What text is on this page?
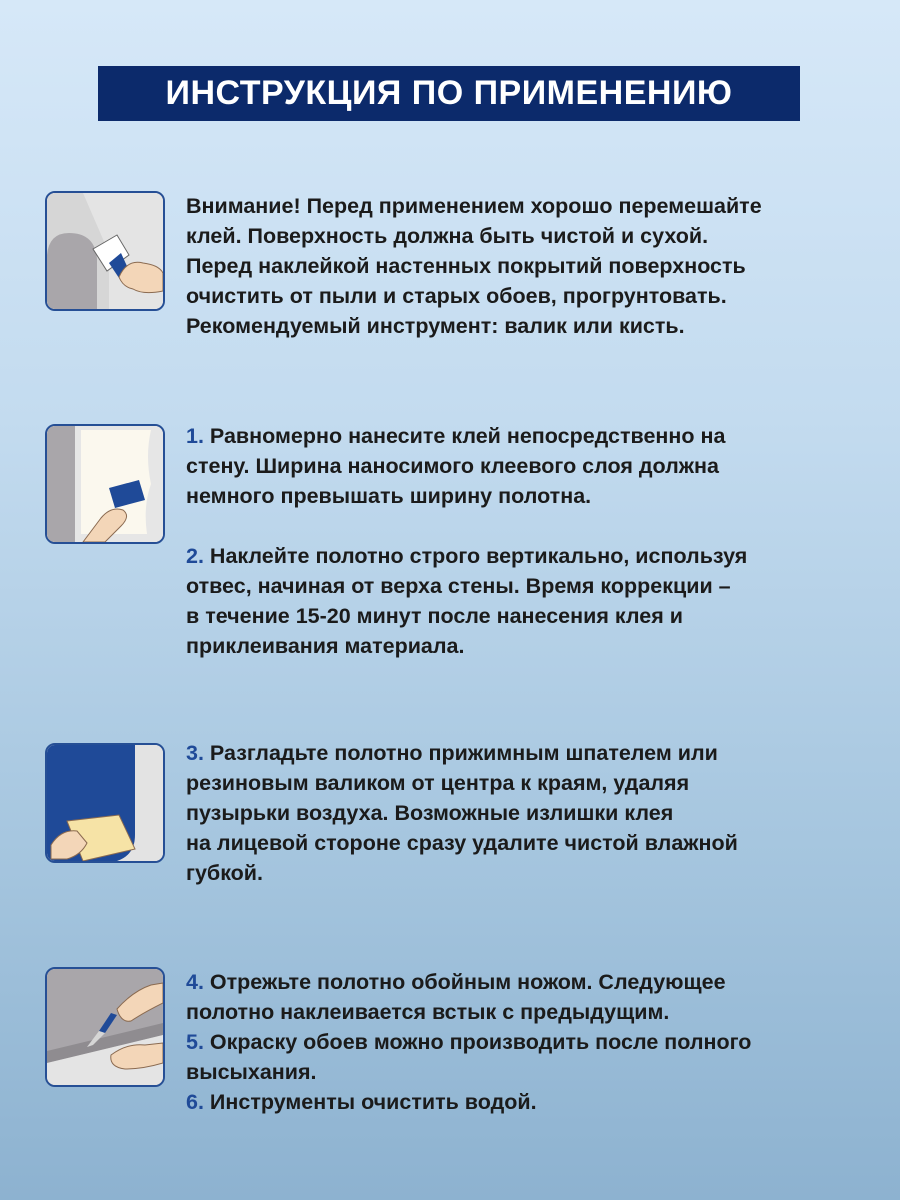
ИНСТРУКЦИЯ ПО ПРИМЕНЕНИЮ

Внимание! Перед применением хорошо перемешайте
клей. Поверхность должна быть чистой и сухой.
Перед наклейкой настенных покрытий поверхность
очистить от пыли и старых обоев, прогрунтовать.
Рекомендуемый инструмент: валик или кисть.

1. Равномерно нанесите клей непосредственно на
стену. Ширина наносимого клеевого слоя должна
немного превышать ширину полотна.

2. Наклейте полотно строго вертикально, используя
отвес, начиная от верха стены. Время коррекции –
в течение 15-20 минут после нанесения клея и
приклеивания материала.

3. Разгладьте полотно прижимным шпателем или
резиновым валиком от центра к краям, удаляя
пузырьки воздуха. Возможные излишки клея
на лицевой стороне сразу удалите чистой влажной
губкой.

4. Отрежьте полотно обойным ножом. Следующее
полотно наклеивается встык с предыдущим.

5. Окраску обоев можно производить после полного
высыхания.

6. Инструменты очистить водой.
